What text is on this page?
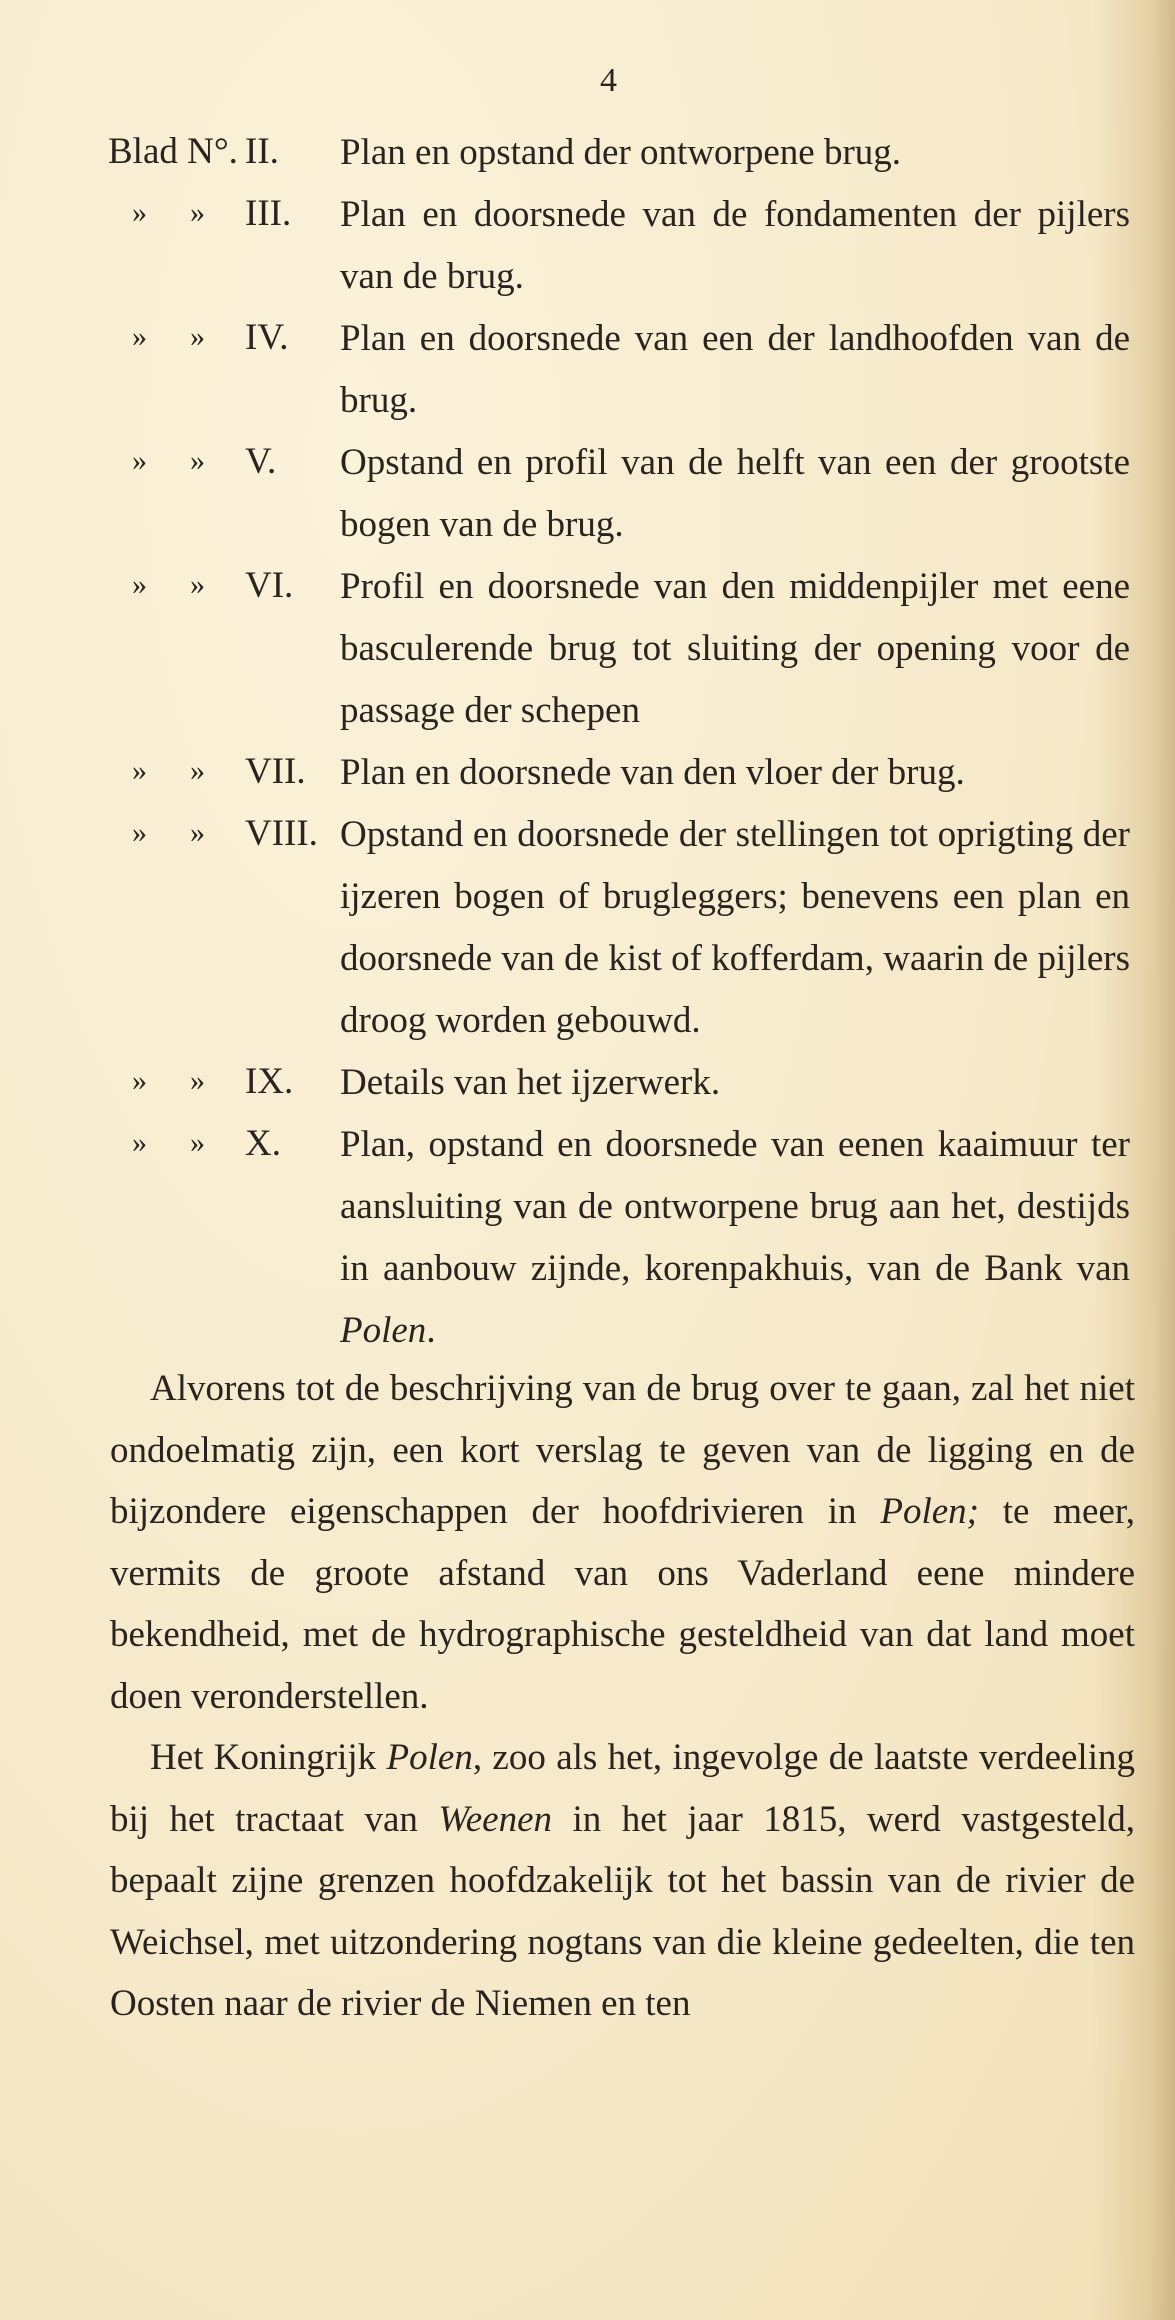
4
Blad N°. II. Plan en opstand der ontworpene brug.
» » III. Plan en doorsnede van de fondamenten der pijlers van de brug.
» » IV. Plan en doorsnede van een der landhoofden van de brug.
» » V. Opstand en profil van de helft van een der grootste bogen van de brug.
» » VI. Profil en doorsnede van den middenpijler met eene basculerende brug tot sluiting der opening voor de passage der schepen
» » VII. Plan en doorsnede van den vloer der brug.
» » VIII. Opstand en doorsnede der stellingen tot oprigting der ijzeren bogen of brugleggers; benevens een plan en doorsnede van de kist of kofferdam, waarin de pijlers droog worden gebouwd.
» » IX. Details van het ijzerwerk.
» » X. Plan, opstand en doorsnede van eenen kaaimuur ter aansluiting van de ontworpene brug aan het, destijds in aanbouw zijnde, korenpakhuis, van de Bank van Polen.

Alvorens tot de beschrijving van de brug over te gaan, zal het niet ondoelmatig zijn, een kort verslag te geven van de ligging en de bijzondere eigenschappen der hoofdrivieren in Polen; te meer, vermits de groote afstand van ons Vaderland eene mindere bekendheid, met de hydrographische gesteldheid van dat land moet doen veronderstellen.

Het Koningrijk Polen, zoo als het, ingevolge de laatste verdeeling bij het tractaat van Weenen in het jaar 1815, werd vastgesteld, bepaalt zijne grenzen hoofdzakelijk tot het bassin van de rivier de Weichsel, met uitzondering nogtans van die kleine gedeelten, die ten Oosten naar de rivier de Niemen en ten
